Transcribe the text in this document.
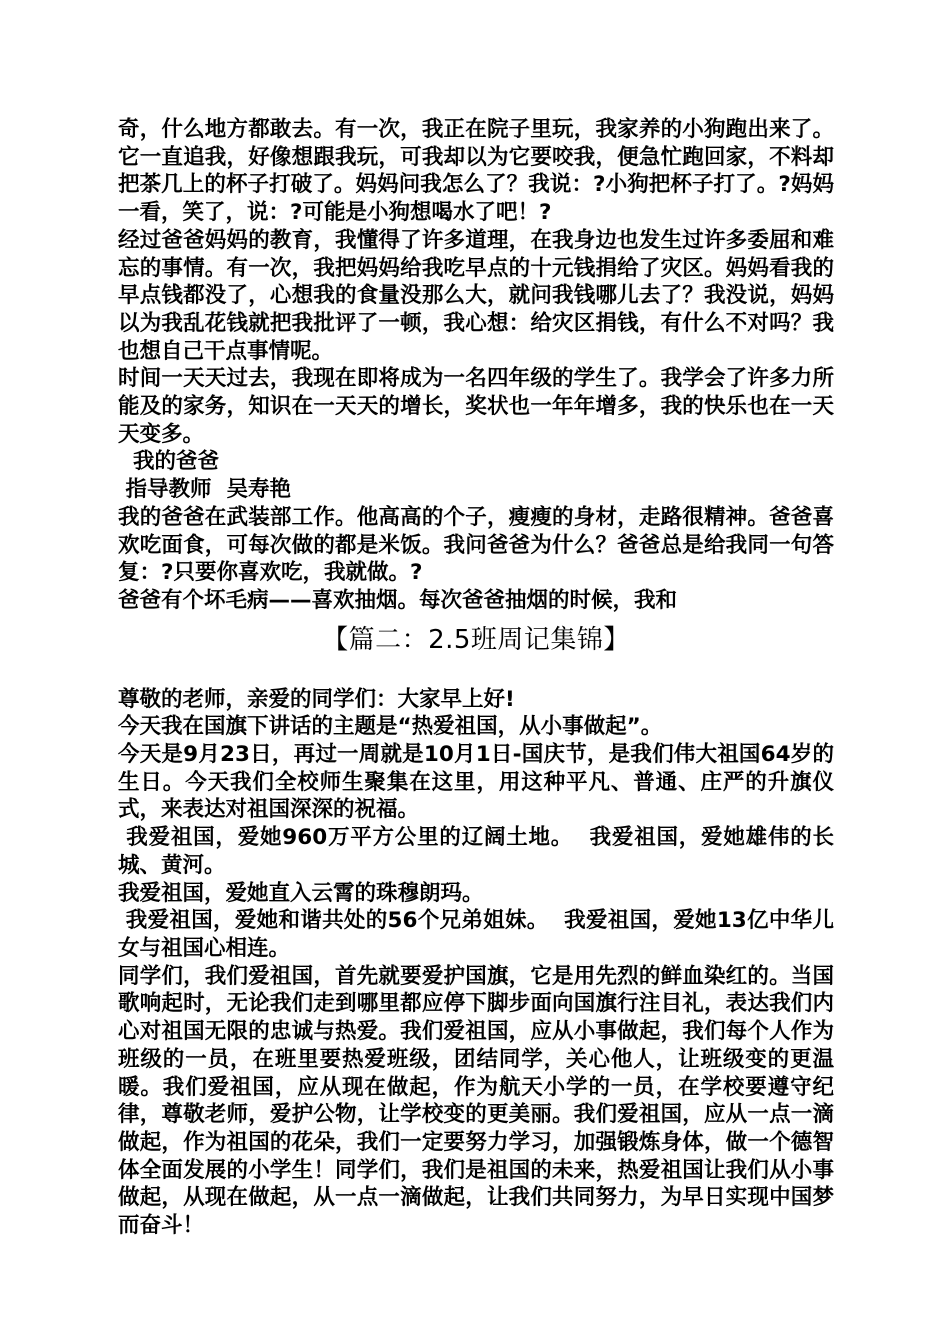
奇，什么地方都敢去。有一次，我正在院子里玩，我家养的小狗跑出来了。它一直追我，好像想跟我玩，可我却以为它要咬我，便急忙跑回家，不料却把茶几上的杯子打破了。妈妈问我怎么了？我说：?小狗把杯子打了。?妈妈一看，笑了，说：?可能是小狗想喝水了吧！?

经过爸爸妈妈的教育，我懂得了许多道理，在我身边也发生过许多委屈和难忘的事情。有一次，我把妈妈给我吃早点的十元钱捐给了灾区。妈妈看我的早点钱都没了，心想我的食量没那么大，就问我钱哪儿去了？我没说，妈妈以为我乱花钱就把我批评了一顿，我心想：给灾区捐钱，有什么不对吗？我也想自己干点事情呢。

时间一天天过去，我现在即将成为一名四年级的学生了。我学会了许多力所能及的家务，知识在一天天的增长，奖状也一年年增多，我的快乐也在一天天变多。

我的爸爸

指导教师  吴寿艳

我的爸爸在武装部工作。他高高的个子，瘦瘦的身材，走路很精神。爸爸喜欢吃面食，可每次做的都是米饭。我问爸爸为什么？爸爸总是给我同一句答复：?只要你喜欢吃，我就做。?

爸爸有个坏毛病——喜欢抽烟。每次爸爸抽烟的时候，我和

【篇二：2.5班周记集锦】

尊敬的老师，亲爱的同学们：大家早上好!

今天我在国旗下讲话的主题是“热爱祖国，从小事做起”。

今天是9月23日，再过一周就是10月1日-国庆节，是我们伟大祖国64岁的生日。今天我们全校师生聚集在这里，用这种平凡、普通、庄严的升旗仪式，来表达对祖国深深的祝福。

我爱祖国，爱她960万平方公里的辽阔土地。  我爱祖国，爱她雄伟的长城、黄河。

我爱祖国，爱她直入云霄的珠穆朗玛。

我爱祖国，爱她和谐共处的56个兄弟姐妹。  我爱祖国，爱她13亿中华儿女与祖国心相连。

同学们，我们爱祖国，首先就要爱护国旗，它是用先烈的鲜血染红的。当国歌响起时，无论我们走到哪里都应停下脚步面向国旗行注目礼，表达我们内心对祖国无限的忠诚与热爱。我们爱祖国，应从小事做起，我们每个人作为班级的一员，在班里要热爱班级，团结同学，关心他人，让班级变的更温暖。我们爱祖国，应从现在做起，作为航天小学的一员，在学校要遵守纪律，尊敬老师，爱护公物，让学校变的更美丽。我们爱祖国，应从一点一滴做起，作为祖国的花朵，我们一定要努力学习，加强锻炼身体，做一个德智体全面发展的小学生！同学们，我们是祖国的未来，热爱祖国让我们从小事做起，从现在做起，从一点一滴做起，让我们共同努力，为早日实现中国梦而奋斗！
